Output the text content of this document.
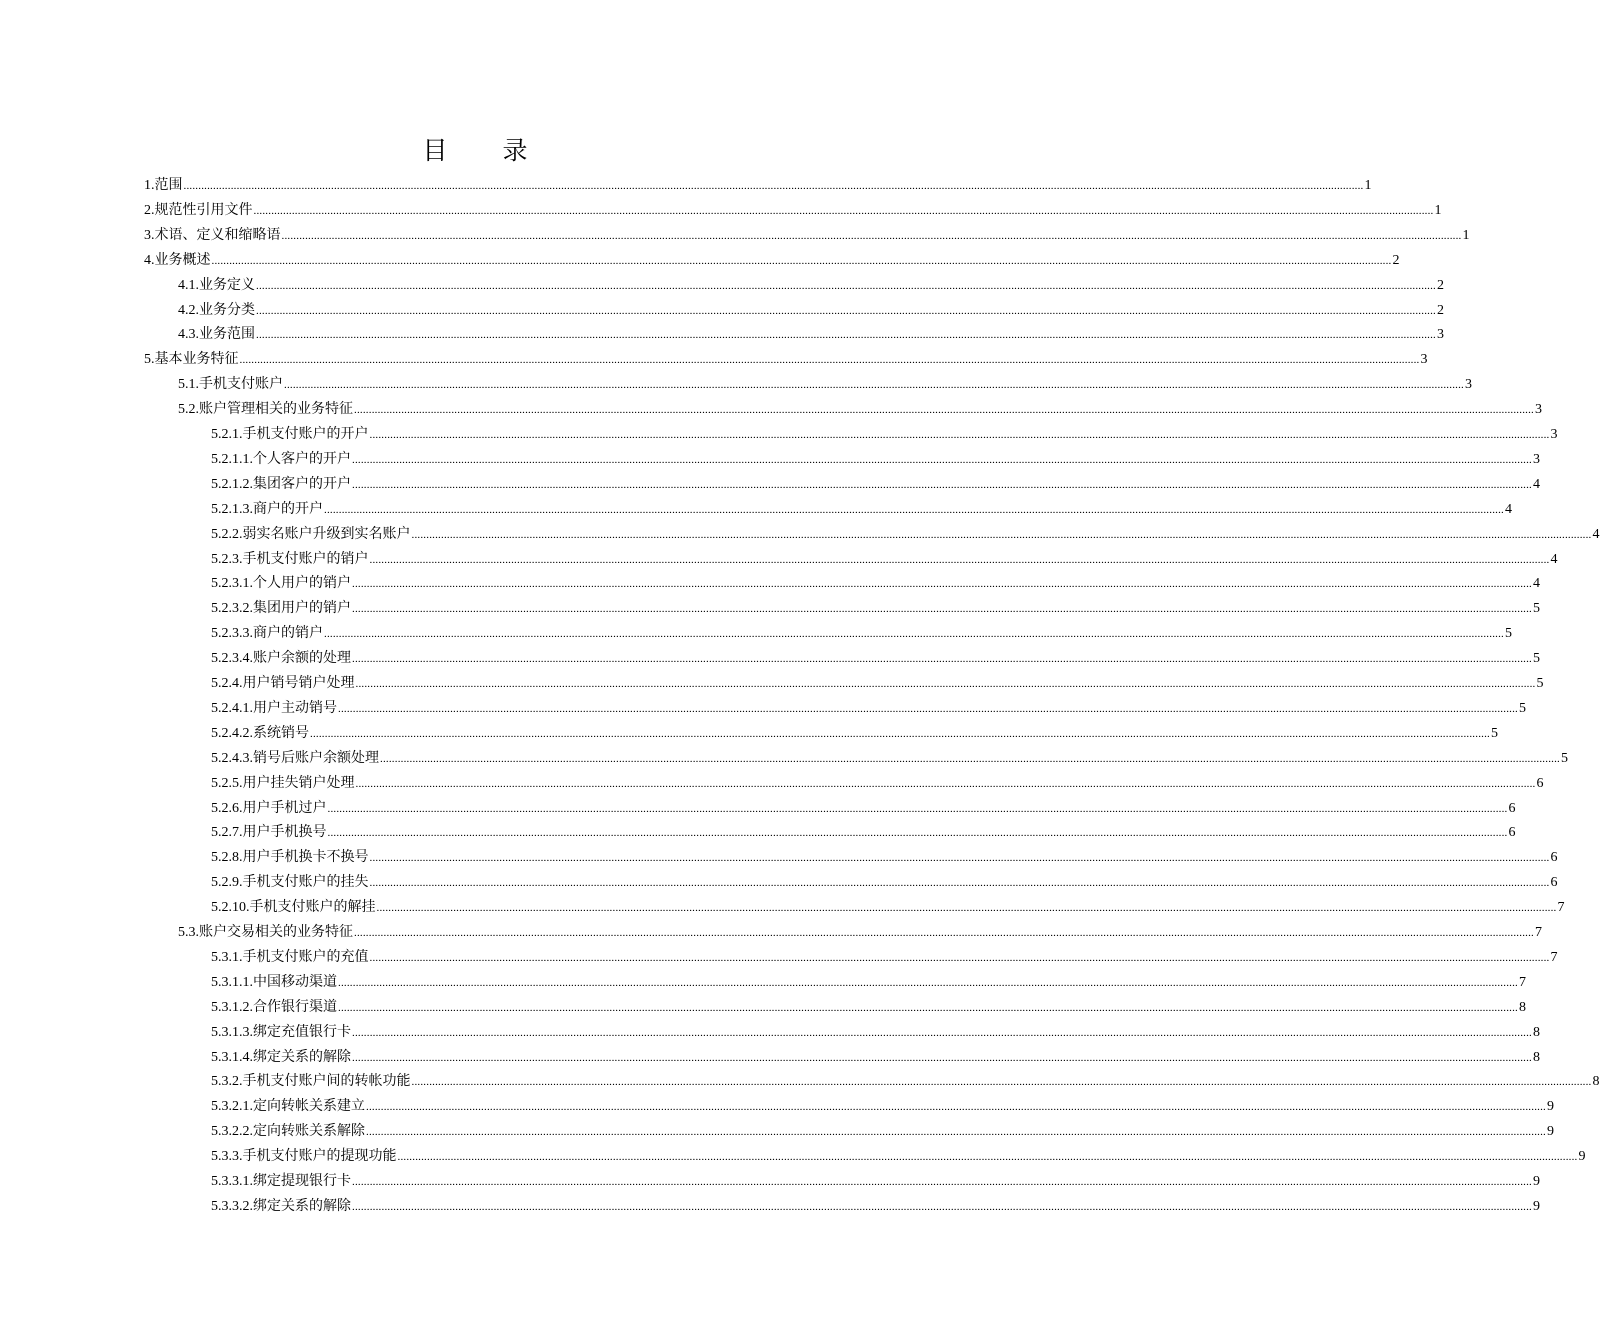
目 录
1. 范围 ................................................................................................................................................................................................................................................................................................................................................................................................................ 1
2. 规范性引用文件 ................................................................................................................................................................................................................................................................................................................................................................................................................ 1
3. 术语、定义和缩略语 ................................................................................................................................................................................................................................................................................................................................................................................................................ 1
4. 业务概述 ................................................................................................................................................................................................................................................................................................................................................................................................................ 2
4.1. 业务定义 ................................................................................................................................................................................................................................................................................................................................................................................................................ 2
4.2. 业务分类 ................................................................................................................................................................................................................................................................................................................................................................................................................ 2
4.3. 业务范围 ................................................................................................................................................................................................................................................................................................................................................................................................................ 3
5. 基本业务特征 ................................................................................................................................................................................................................................................................................................................................................................................................................ 3
5.1. 手机支付账户 ................................................................................................................................................................................................................................................................................................................................................................................................................ 3
5.2. 账户管理相关的业务特征 ................................................................................................................................................................................................................................................................................................................................................................................................................ 3
5.2.1. 手机支付账户的开户 ................................................................................................................................................................................................................................................................................................................................................................................................................ 3
5.2.1.1. 个人客户的开户 ................................................................................................................................................................................................................................................................................................................................................................................................................ 3
5.2.1.2. 集团客户的开户 ................................................................................................................................................................................................................................................................................................................................................................................................................ 4
5.2.1.3. 商户的开户 ................................................................................................................................................................................................................................................................................................................................................................................................................ 4
5.2.2. 弱实名账户升级到实名账户 ................................................................................................................................................................................................................................................................................................................................................................................................................ 4
5.2.3. 手机支付账户的销户 ................................................................................................................................................................................................................................................................................................................................................................................................................ 4
5.2.3.1. 个人用户的销户 ................................................................................................................................................................................................................................................................................................................................................................................................................ 4
5.2.3.2. 集团用户的销户 ................................................................................................................................................................................................................................................................................................................................................................................................................ 5
5.2.3.3. 商户的销户 ................................................................................................................................................................................................................................................................................................................................................................................................................ 5
5.2.3.4. 账户余额的处理 ................................................................................................................................................................................................................................................................................................................................................................................................................ 5
5.2.4. 用户销号销户处理 ................................................................................................................................................................................................................................................................................................................................................................................................................ 5
5.2.4.1. 用户主动销号 ................................................................................................................................................................................................................................................................................................................................................................................................................ 5
5.2.4.2. 系统销号 ................................................................................................................................................................................................................................................................................................................................................................................................................ 5
5.2.4.3. 销号后账户余额处理 ................................................................................................................................................................................................................................................................................................................................................................................................................ 5
5.2.5. 用户挂失销户处理 ................................................................................................................................................................................................................................................................................................................................................................................................................ 6
5.2.6. 用户手机过户 ................................................................................................................................................................................................................................................................................................................................................................................................................ 6
5.2.7. 用户手机换号 ................................................................................................................................................................................................................................................................................................................................................................................................................ 6
5.2.8. 用户手机换卡不换号 ................................................................................................................................................................................................................................................................................................................................................................................................................ 6
5.2.9. 手机支付账户的挂失 ................................................................................................................................................................................................................................................................................................................................................................................................................ 6
5.2.10. 手机支付账户的解挂 ................................................................................................................................................................................................................................................................................................................................................................................................................ 7
5.3. 账户交易相关的业务特征 ................................................................................................................................................................................................................................................................................................................................................................................................................ 7
5.3.1. 手机支付账户的充值 ................................................................................................................................................................................................................................................................................................................................................................................................................ 7
5.3.1.1. 中国移动渠道 ................................................................................................................................................................................................................................................................................................................................................................................................................ 7
5.3.1.2. 合作银行渠道 ................................................................................................................................................................................................................................................................................................................................................................................................................ 8
5.3.1.3. 绑定充值银行卡 ................................................................................................................................................................................................................................................................................................................................................................................................................ 8
5.3.1.4. 绑定关系的解除 ................................................................................................................................................................................................................................................................................................................................................................................................................ 8
5.3.2. 手机支付账户间的转帐功能 ................................................................................................................................................................................................................................................................................................................................................................................................................ 8
5.3.2.1. 定向转帐关系建立 ................................................................................................................................................................................................................................................................................................................................................................................................................ 9
5.3.2.2. 定向转账关系解除 ................................................................................................................................................................................................................................................................................................................................................................................................................ 9
5.3.3. 手机支付账户的提现功能 ................................................................................................................................................................................................................................................................................................................................................................................................................ 9
5.3.3.1. 绑定提现银行卡 ................................................................................................................................................................................................................................................................................................................................................................................................................ 9
5.3.3.2. 绑定关系的解除 ................................................................................................................................................................................................................................................................................................................................................................................................................ 9
